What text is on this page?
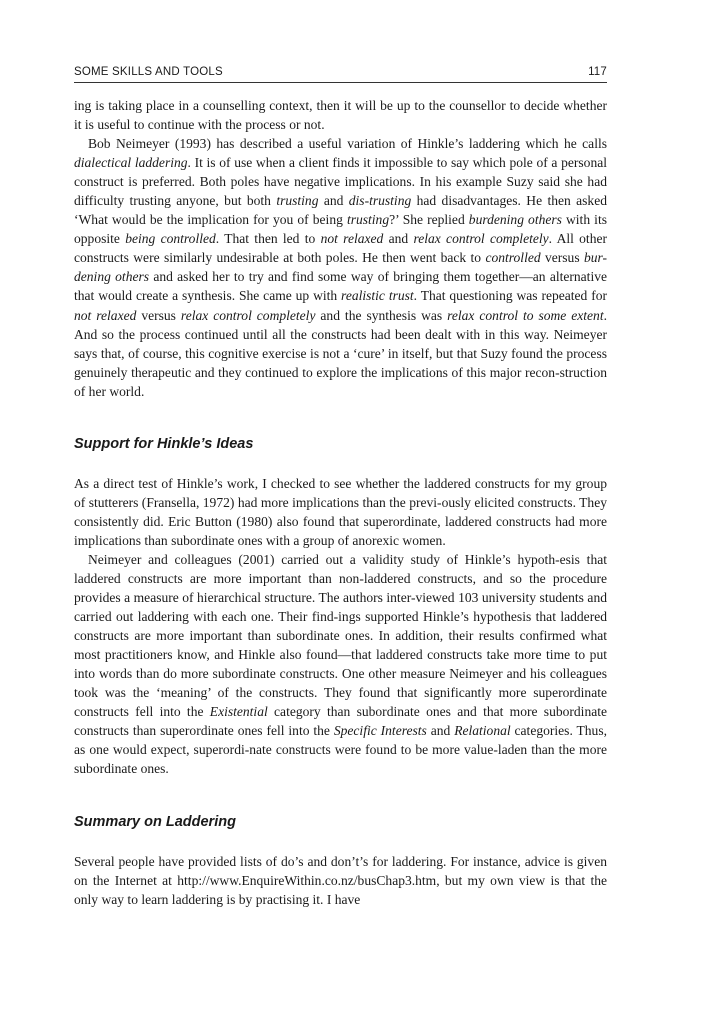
SOME SKILLS AND TOOLS	117

ing is taking place in a counselling context, then it will be up to the counsellor to decide whether it is useful to continue with the process or not.

Bob Neimeyer (1993) has described a useful variation of Hinkle’s laddering which he calls dialectical laddering. It is of use when a client finds it impossible to say which pole of a personal construct is preferred. Both poles have negative implications. In his example Suzy said she had difficulty trusting anyone, but both trusting and dis-trusting had disadvantages. He then asked ‘What would be the implication for you of being trusting?’ She replied burdening others with its opposite being controlled. That then led to not relaxed and relax control completely. All other constructs were similarly undesirable at both poles. He then went back to controlled versus bur-dening others and asked her to try and find some way of bringing them together—an alternative that would create a synthesis. She came up with realistic trust. That questioning was repeated for not relaxed versus relax control completely and the synthesis was relax control to some extent. And so the process continued until all the constructs had been dealt with in this way. Neimeyer says that, of course, this cognitive exercise is not a ‘cure’ in itself, but that Suzy found the process genuinely therapeutic and they continued to explore the implications of this major recon-struction of her world.

Support for Hinkle’s Ideas

As a direct test of Hinkle’s work, I checked to see whether the laddered constructs for my group of stutterers (Fransella, 1972) had more implications than the previ-ously elicited constructs. They consistently did. Eric Button (1980) also found that superordinate, laddered constructs had more implications than subordinate ones with a group of anorexic women.

Neimeyer and colleagues (2001) carried out a validity study of Hinkle’s hypoth-esis that laddered constructs are more important than non-laddered constructs, and so the procedure provides a measure of hierarchical structure. The authors inter-viewed 103 university students and carried out laddering with each one. Their find-ings supported Hinkle’s hypothesis that laddered constructs are more important than subordinate ones. In addition, their results confirmed what most practitioners know, and Hinkle also found—that laddered constructs take more time to put into words than do more subordinate constructs. One other measure Neimeyer and his colleagues took was the ‘meaning’ of the constructs. They found that significantly more superordinate constructs fell into the Existential category than subordinate ones and that more subordinate constructs than superordinate ones fell into the Specific Interests and Relational categories. Thus, as one would expect, superordi-nate constructs were found to be more value-laden than the more subordinate ones.

Summary on Laddering

Several people have provided lists of do’s and don’t’s for laddering. For instance, advice is given on the Internet at http://www.EnquireWithin.co.nz/busChap3.htm, but my own view is that the only way to learn laddering is by practising it. I have
